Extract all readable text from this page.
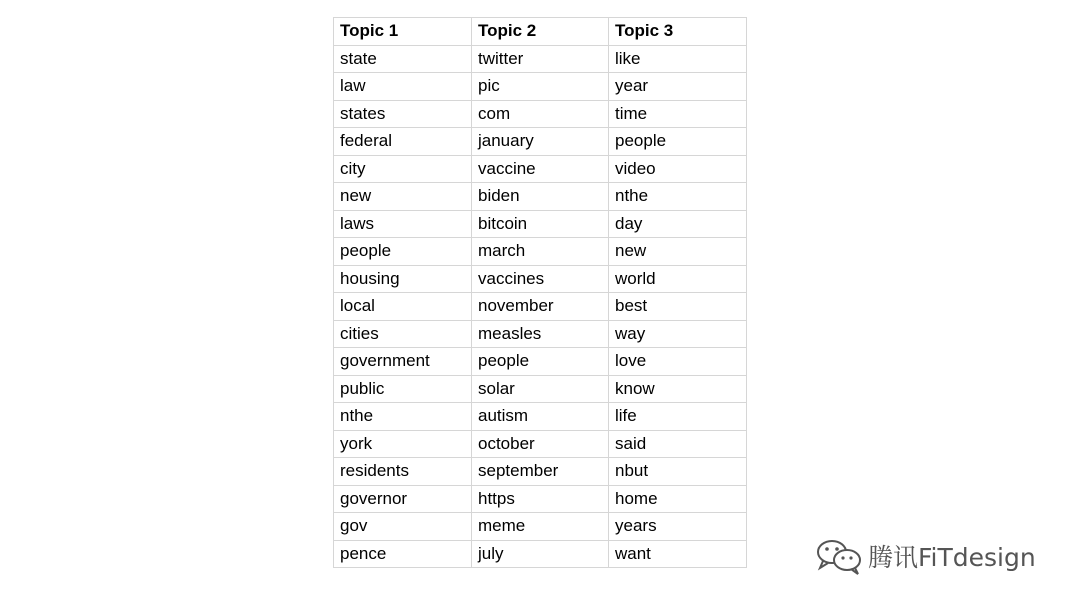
Topic 1	Topic 2	Topic 3
state	twitter	like
law	pic	year
states	com	time
federal	january	people
city	vaccine	video
new	biden	nthe
laws	bitcoin	day
people	march	new
housing	vaccines	world
local	november	best
cities	measles	way
government	people	love
public	solar	know
nthe	autism	life
york	october	said
residents	september	nbut
governor	https	home
gov	meme	years
pence	july	want	腾讯FiTdesign
